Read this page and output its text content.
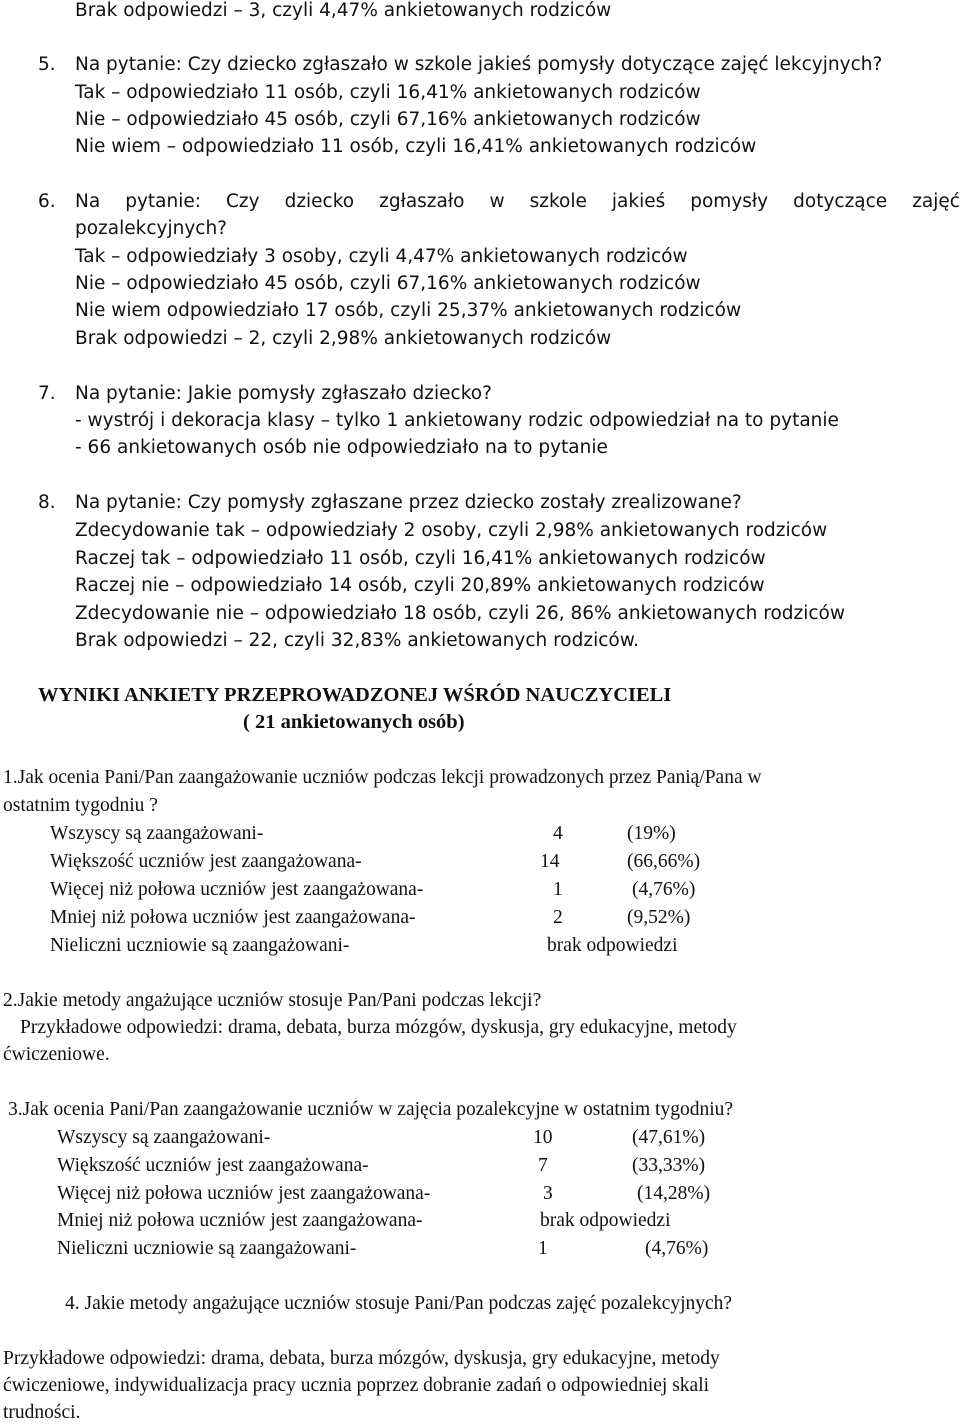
Brak odpowiedzi – 3, czyli 4,47% ankietowanych rodziców
5. Na pytanie: Czy dziecko zgłaszało w szkole jakieś pomysły dotyczące zajęć lekcyjnych?
Tak – odpowiedziało 11 osób, czyli 16,41% ankietowanych rodziców
Nie – odpowiedziało 45 osób, czyli 67,16% ankietowanych rodziców
Nie wiem – odpowiedziało 11 osób, czyli 16,41% ankietowanych rodziców
6. Na pytanie: Czy dziecko zgłaszało w szkole jakieś pomysły dotyczące zajęć
pozalekcyjnych?
Tak – odpowiedziały 3 osoby, czyli 4,47% ankietowanych rodziców
Nie – odpowiedziało 45 osób, czyli 67,16% ankietowanych rodziców
Nie wiem odpowiedziało 17 osób, czyli 25,37% ankietowanych rodziców
Brak odpowiedzi – 2, czyli 2,98% ankietowanych rodziców
7. Na pytanie: Jakie pomysły zgłaszało dziecko?
- wystrój i dekoracja klasy – tylko 1 ankietowany rodzic odpowiedział na to pytanie
- 66 ankietowanych osób nie odpowiedziało na to pytanie
8. Na pytanie: Czy pomysły zgłaszane przez dziecko zostały zrealizowane?
Zdecydowanie tak – odpowiedziały 2 osoby, czyli 2,98% ankietowanych rodziców
Raczej tak – odpowiedziało 11 osób, czyli 16,41% ankietowanych rodziców
Raczej nie – odpowiedziało 14 osób, czyli 20,89% ankietowanych rodziców
Zdecydowanie nie – odpowiedziało 18 osób, czyli 26, 86% ankietowanych rodziców
Brak odpowiedzi – 22, czyli 32,83% ankietowanych rodziców.
WYNIKI ANKIETY PRZEPROWADZONEJ WŚRÓD NAUCZYCIELI
( 21 ankietowanych osób)
1.Jak ocenia Pani/Pan zaangażowanie uczniów podczas lekcji prowadzonych przez Panią/Pana w
ostatnim tygodniu ?
Wszyscy są zaangażowani-	4	(19%)
Większość uczniów jest zaangażowana-	14	(66,66%)
Więcej niż połowa uczniów jest zaangażowana-	1	(4,76%)
Mniej niż połowa uczniów jest zaangażowana-	2	(9,52%)
Nieliczni uczniowie są zaangażowani-	brak odpowiedzi
2.Jakie metody angażujące uczniów stosuje Pan/Pani podczas lekcji?
Przykładowe odpowiedzi: drama, debata, burza mózgów, dyskusja, gry edukacyjne, metody
ćwiczeniowe.
3.Jak ocenia Pani/Pan zaangażowanie uczniów w zajęcia pozalekcyjne w ostatnim tygodniu?
Wszyscy są zaangażowani-	10	(47,61%)
Większość uczniów jest zaangażowana-	7	(33,33%)
Więcej niż połowa uczniów jest zaangażowana-	3	(14,28%)
Mniej niż połowa uczniów jest zaangażowana-	brak odpowiedzi
Nieliczni uczniowie są zaangażowani-	1	(4,76%)
4. Jakie metody angażujące uczniów stosuje Pani/Pan podczas zajęć pozalekcyjnych?
Przykładowe odpowiedzi: drama, debata, burza mózgów, dyskusja, gry edukacyjne, metody
ćwiczeniowe, indywidualizacja pracy ucznia poprzez dobranie zadań o odpowiedniej skali
trudności.
